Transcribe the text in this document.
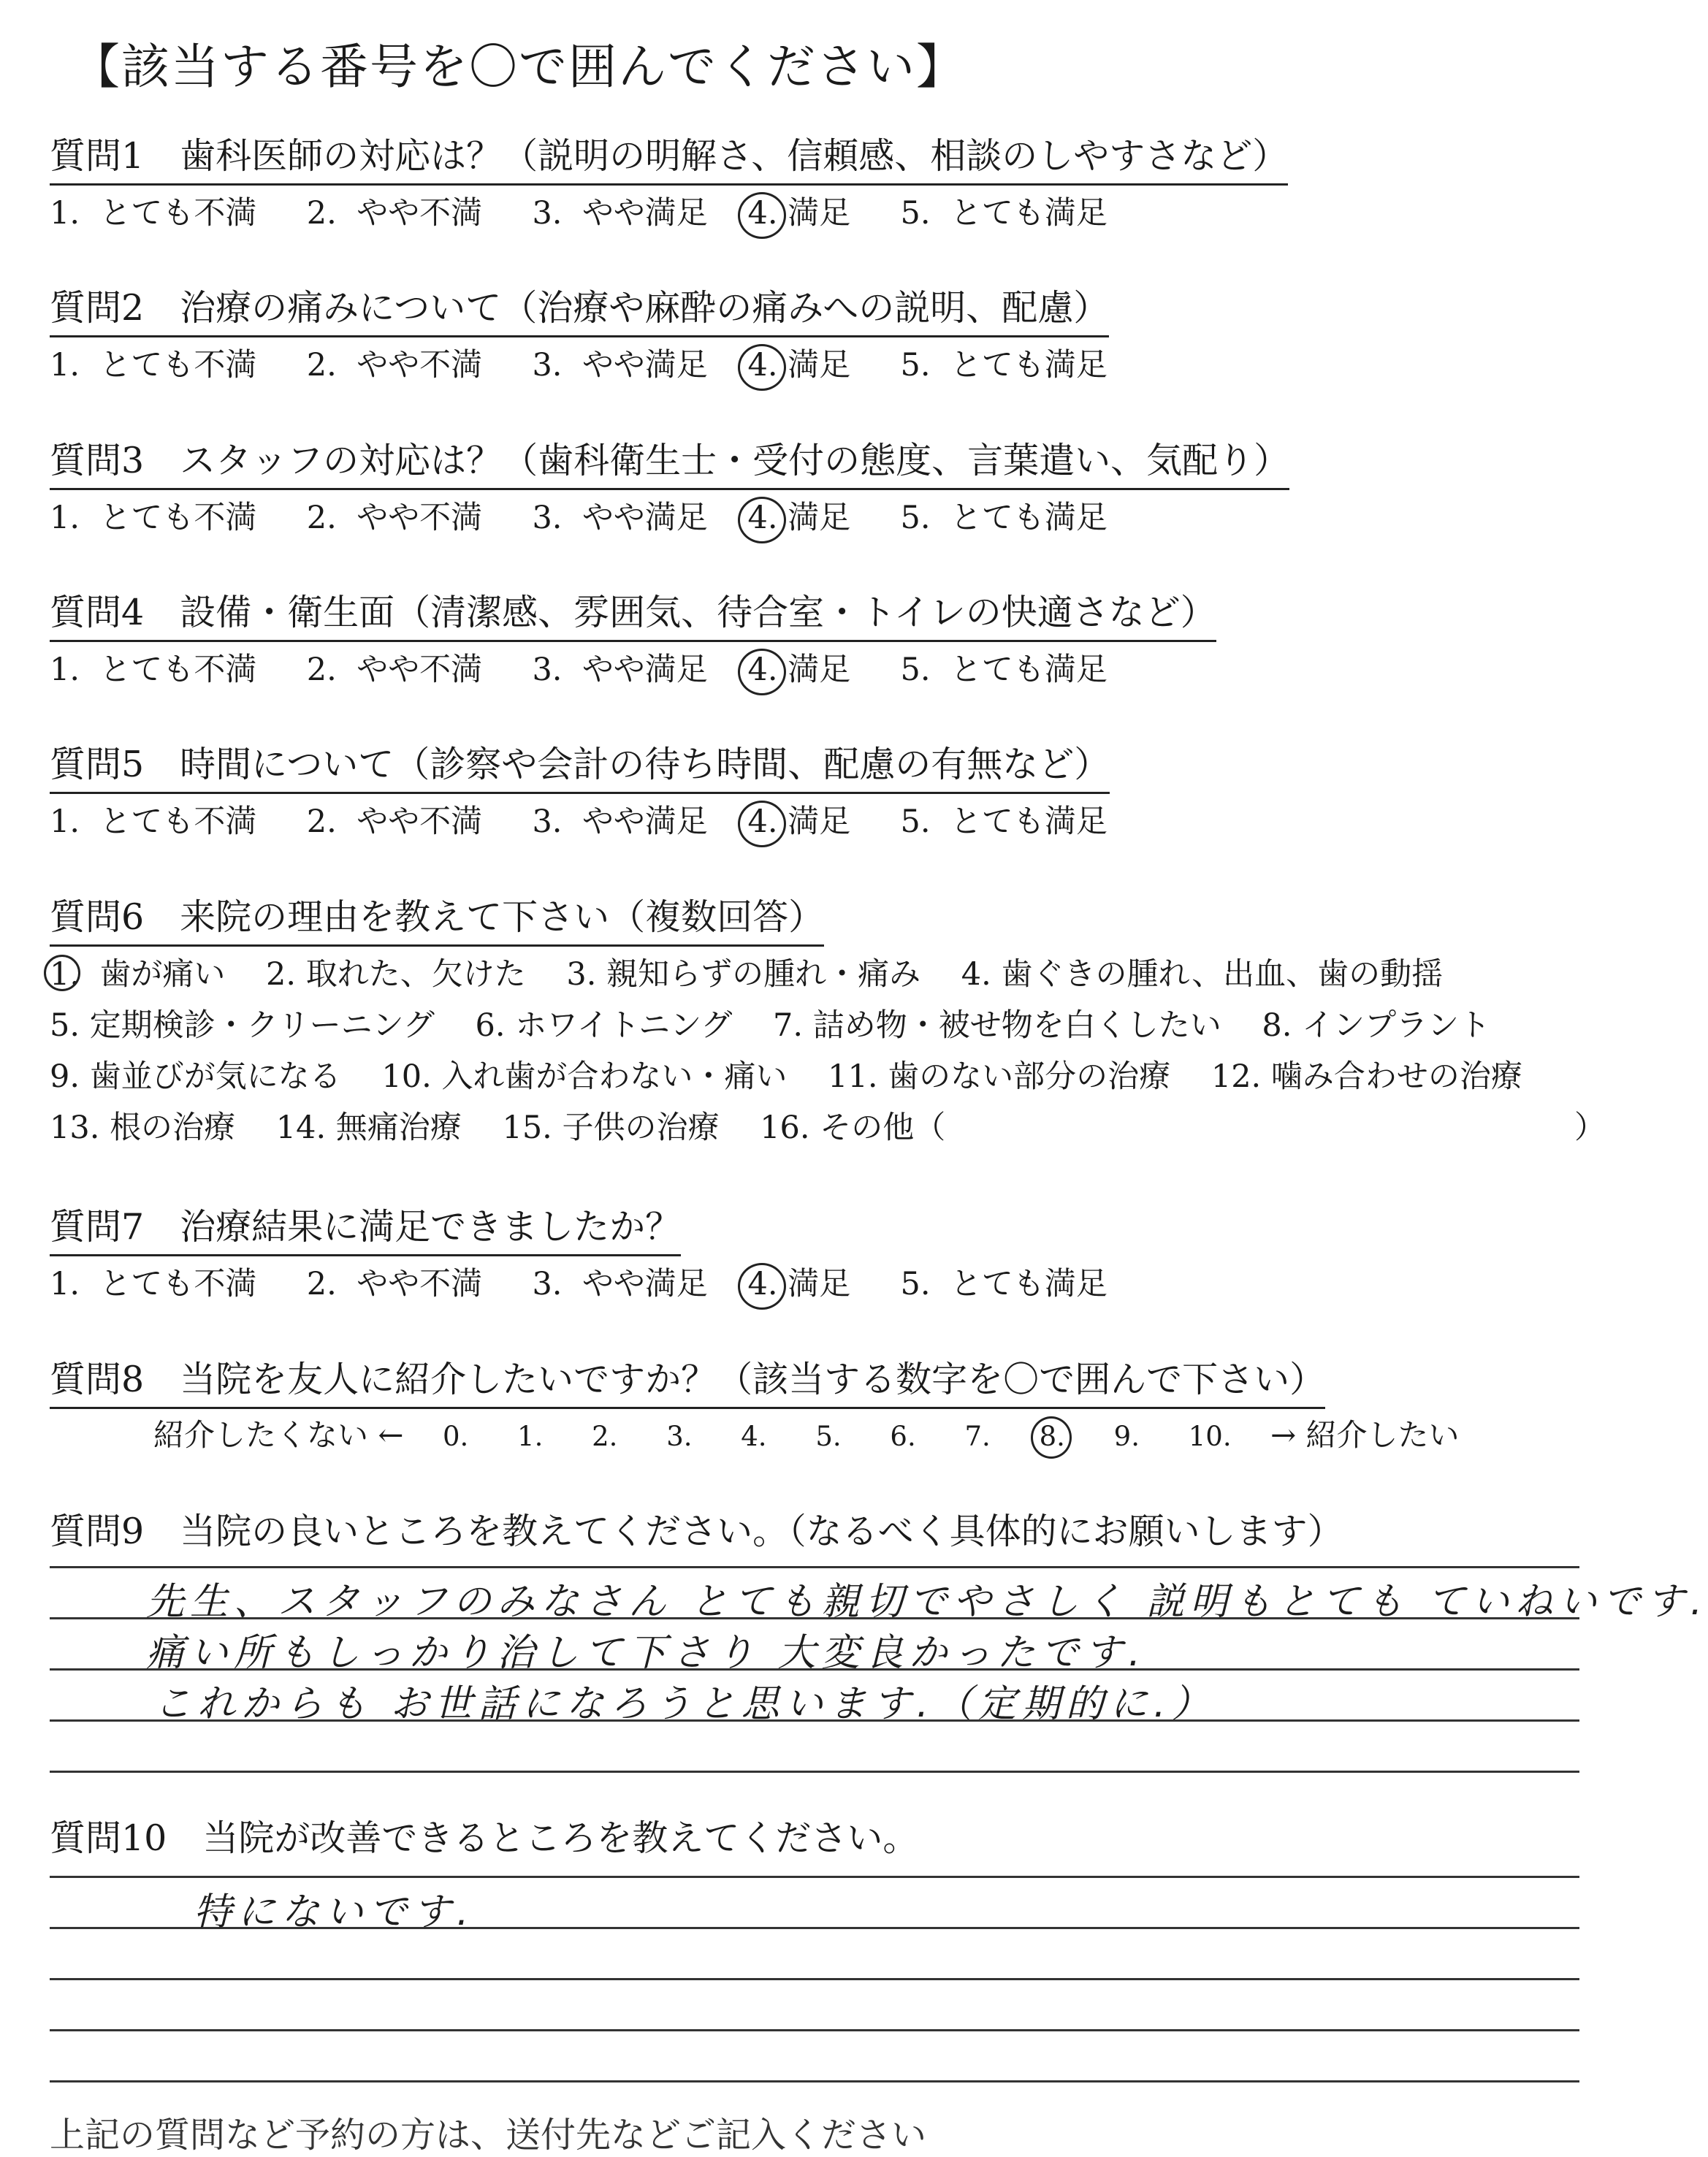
【該当する番号を〇で囲んでください】
質問1　歯科医師の対応は？（説明の明解さ、信頼感、相談のしやすさなど）
1. とても不満 2. やや不満 3. やや満足 4. 満足 5. とても満足
質問2　治療の痛みについて（治療や麻酔の痛みへの説明、配慮）
1. とても不満 2. やや不満 3. やや満足 4. 満足 5. とても満足
質問3　スタッフの対応は？（歯科衛生士・受付の態度、言葉遣い、気配り）
1. とても不満 2. やや不満 3. やや満足 4. 満足 5. とても満足
質問4　設備・衛生面（清潔感、雰囲気、待合室・トイレの快適さなど）
1. とても不満 2. やや不満 3. やや満足 4. 満足 5. とても満足
質問5　時間について（診察や会計の待ち時間、配慮の有無など）
1. とても不満 2. やや不満 3. やや満足 4. 満足 5. とても満足
質問6　来院の理由を教えて下さい（複数回答）
1. 歯が痛い 2. 取れた、欠けた 3. 親知らずの腫れ・痛み 4. 歯ぐきの腫れ、出血、歯の動揺
5. 定期検診・クリーニング 6. ホワイトニング 7. 詰め物・被せ物を白くしたい 8. インプラント
9. 歯並びが気になる 10. 入れ歯が合わない・痛い 11. 歯のない部分の治療 12. 噛み合わせの治療
13. 根の治療 14. 無痛治療 15. 子供の治療 16. その他（	）
質問7　治療結果に満足できましたか？
1. とても不満 2. やや不満 3. やや満足 4. 満足 5. とても満足
質問8　当院を友人に紹介したいですか？（該当する数字を〇で囲んで下さい）
紹介したくない ← 0. 1. 2. 3. 4. 5. 6. 7. 8. 9. 10. → 紹介したい
質問9　当院の良いところを教えてください。（なるべく具体的にお願いします）
先生、スタッフのみなさん とても親切でやさしく 説明もとても ていねいです.
痛い所もしっかり治して下さり 大変良かったです.
これからも お世話になろうと思います.（定期的に.）
質問10　当院が改善できるところを教えてください。
特にないです.
上記の質問など予約の方は、送付先などご記入ください
